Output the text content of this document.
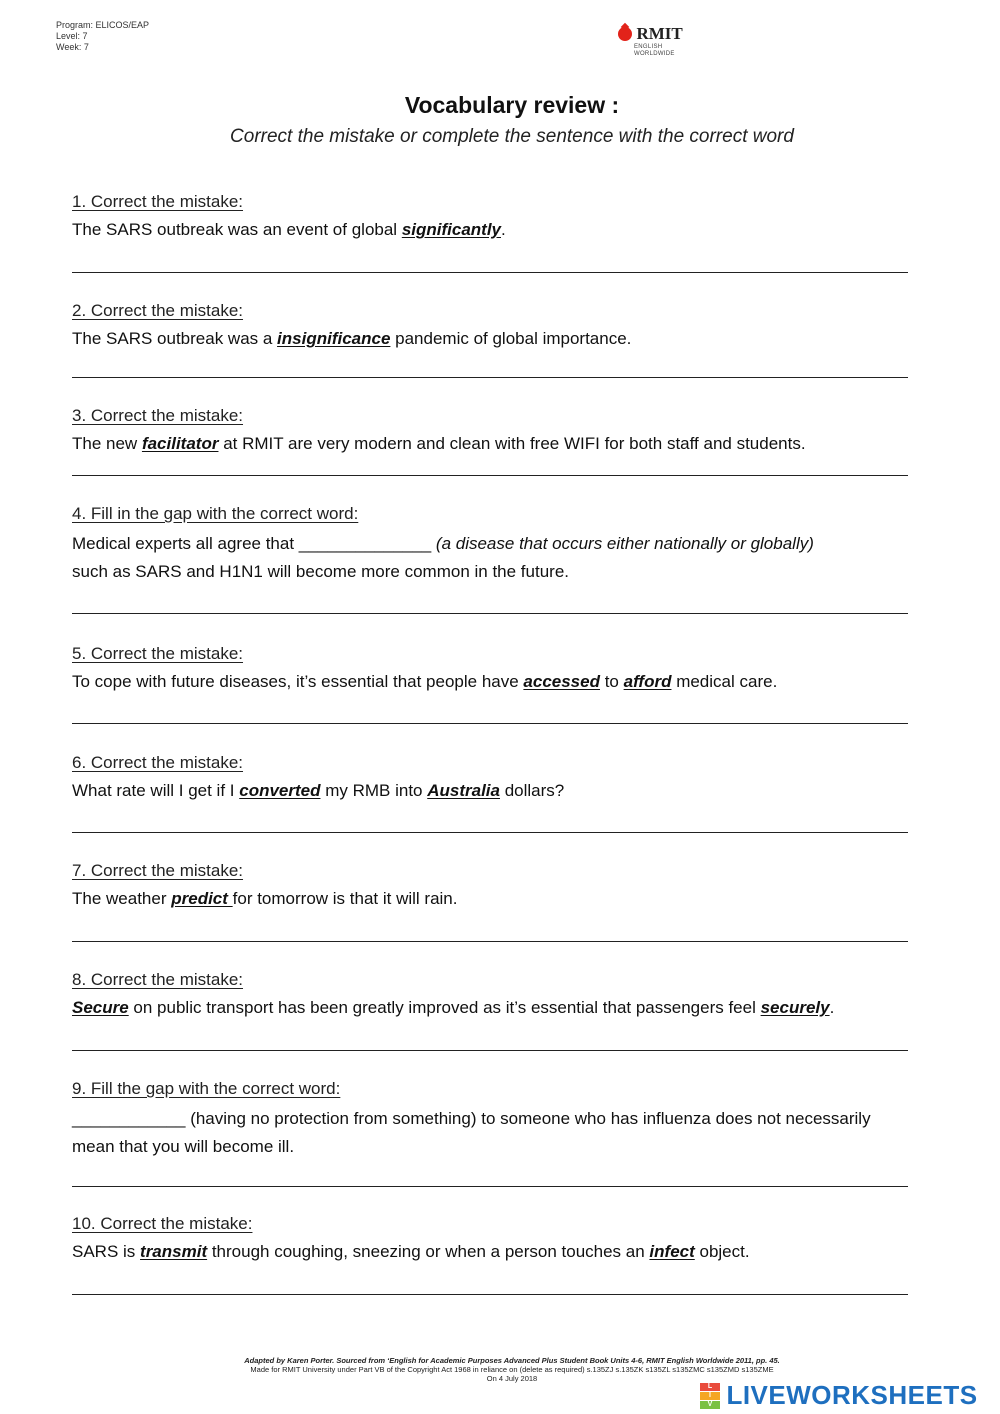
Program: ELICOS/EAP
Level: 7
Week: 7
RMIT
ENGLISH
WORLDWIDE
Vocabulary review :
Correct the mistake or complete the sentence with the correct word
1. Correct the mistake:
The SARS outbreak was an event of global significantly.
2. Correct the mistake:
The SARS outbreak was a insignificance pandemic of global importance.
3. Correct the mistake:
The new facilitator at RMIT are very modern and clean with free WIFI for both staff and students.
4. Fill in the gap with the correct word:
Medical experts all agree that ______________ (a disease that occurs either nationally or globally)
such as SARS and H1N1 will become more common in the future.
5. Correct the mistake:
To cope with future diseases, it’s essential that people have accessed to afford medical care.
6. Correct the mistake:
What rate will I get if I converted my RMB into Australia dollars?
7. Correct the mistake:
The weather predict for tomorrow is that it will rain.
8. Correct the mistake:
Secure on public transport has been greatly improved as it’s essential that passengers feel securely.
9. Fill the gap with the correct word:
____________ (having no protection from something) to someone who has influenza does not necessarily
mean that you will become ill.
10. Correct the mistake:
SARS is transmit through coughing, sneezing or when a person touches an infect object.
Adapted by Karen Porter. Sourced from ‘English for Academic Purposes Advanced Plus Student Book Units 4-6, RMIT English Worldwide 2011, pp. 45.
Made for RMIT University under Part VB of the Copyright Act 1968 in reliance on (delete as required) s.135ZJ s.135ZK s135ZL s135ZMC s135ZMD s135ZME
On 4 July 2018
L
I
V LIVEWORKSHEETS
